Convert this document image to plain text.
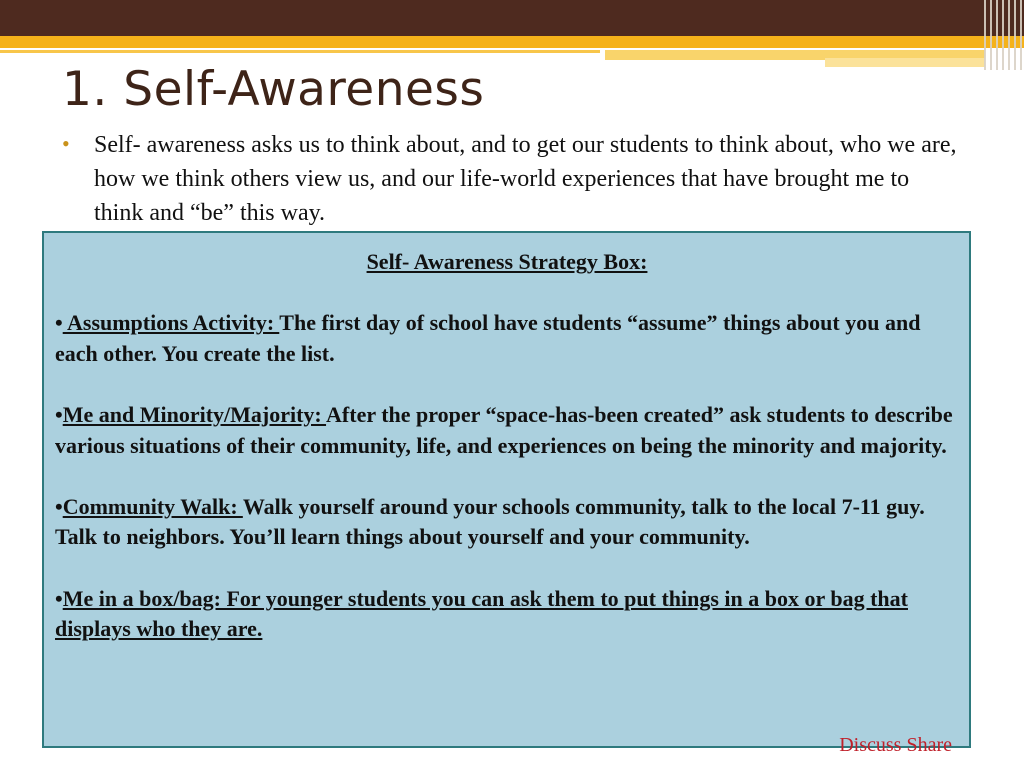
1. Self-Awareness
•	Self- awareness asks us to think about, and to get our students to think about, who we are, how we think others view us, and our life-world experiences that have brought me to think and “be” this way.

Self- Awareness Strategy Box:

• Assumptions Activity: The first day of school have students “assume” things about you and each other. You create the list.

•Me and Minority/Majority: After the proper “space-has-been created” ask students to describe various situations of their community, life, and experiences on being the minority and majority.

•Community Walk: Walk yourself around your schools community, talk to the local 7-11 guy. Talk to neighbors. You’ll learn things about yourself and your community.

•Me in a box/bag: For younger students you can ask them to put things in a box or bag that displays who they are.

Discuss Share
